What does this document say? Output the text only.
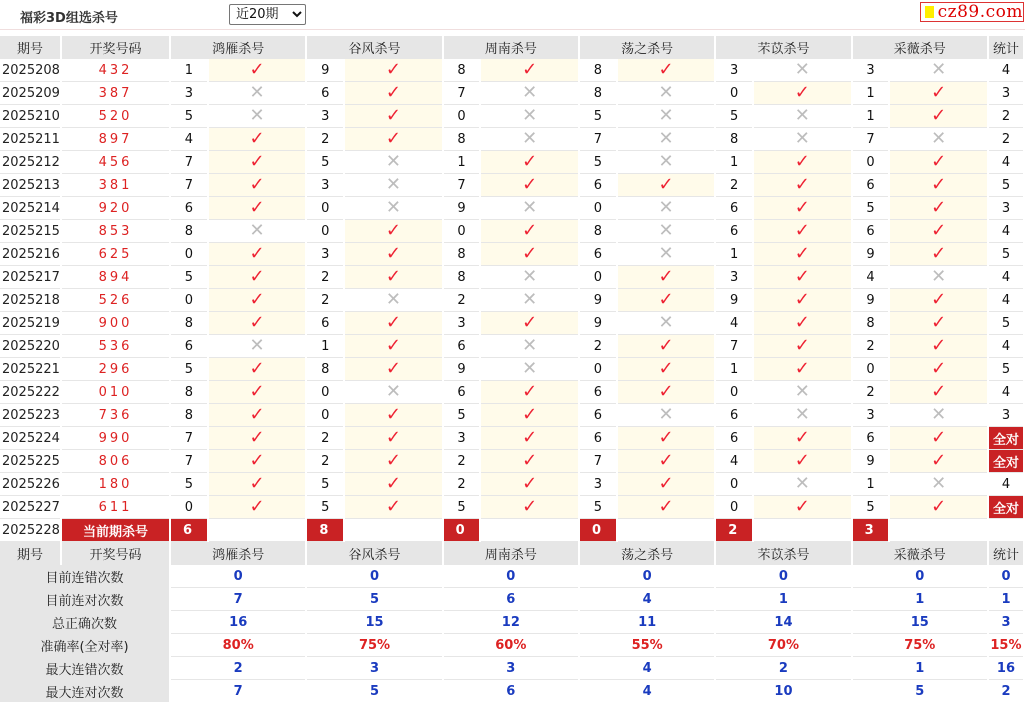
福彩3D组选杀号
近20期	cz89.com
期号	开奖号码	鸿雁杀号		谷风杀号		周南杀号		荡之杀号		芣苡杀号		采薇杀号		统计
2025208	432	1	✓	9	✓	8	✓	8	✓	3	✕	3	✕	4
2025209	387	3	✕	6	✓	7	✕	8	✕	0	✓	1	✓	3
2025210	520	5	✕	3	✓	0	✕	5	✕	5	✕	1	✓	2
2025211	897	4	✓	2	✓	8	✕	7	✕	8	✕	7	✕	2
2025212	456	7	✓	5	✕	1	✓	5	✕	1	✓	0	✓	4
2025213	381	7	✓	3	✕	7	✓	6	✓	2	✓	6	✓	5
2025214	920	6	✓	0	✕	9	✕	0	✕	6	✓	5	✓	3
2025215	853	8	✕	0	✓	0	✓	8	✕	6	✓	6	✓	4
2025216	625	0	✓	3	✓	8	✓	6	✕	1	✓	9	✓	5
2025217	894	5	✓	2	✓	8	✕	0	✓	3	✓	4	✕	4
2025218	526	0	✓	2	✕	2	✕	9	✓	9	✓	9	✓	4
2025219	900	8	✓	6	✓	3	✓	9	✕	4	✓	8	✓	5
2025220	536	6	✕	1	✓	6	✕	2	✓	7	✓	2	✓	4
2025221	296	5	✓	8	✓	9	✕	0	✓	1	✓	0	✓	5
2025222	010	8	✓	0	✕	6	✓	6	✓	0	✕	2	✓	4
2025223	736	8	✓	0	✓	5	✓	6	✕	6	✕	3	✕	3
2025224	990	7	✓	2	✓	3	✓	6	✓	6	✓	6	✓	全对
2025225	806	7	✓	2	✓	2	✓	7	✓	4	✓	9	✓	全对
2025226	180	5	✓	5	✓	2	✓	3	✓	0	✕	1	✕	4
2025227	611	0	✓	5	✓	5	✓	5	✓	0	✓	5	✓	全对
2025228	当前期杀号	6		8		0		0		2		3		
期号	开奖号码	鸿雁杀号		谷风杀号		周南杀号		荡之杀号		芣苡杀号		采薇杀号		统计
目前连错次数		0		0		0		0		0		0		0
目前连对次数		7		5		6		4		1		1		1
总正确次数		16		15		12		11		14		15		3
准确率(全对率)		80%		75%		60%		55%		70%		75%		15%
最大连错次数		2		3		3		4		2		1		16
最大连对次数		7		5		6		4		10		5		2
